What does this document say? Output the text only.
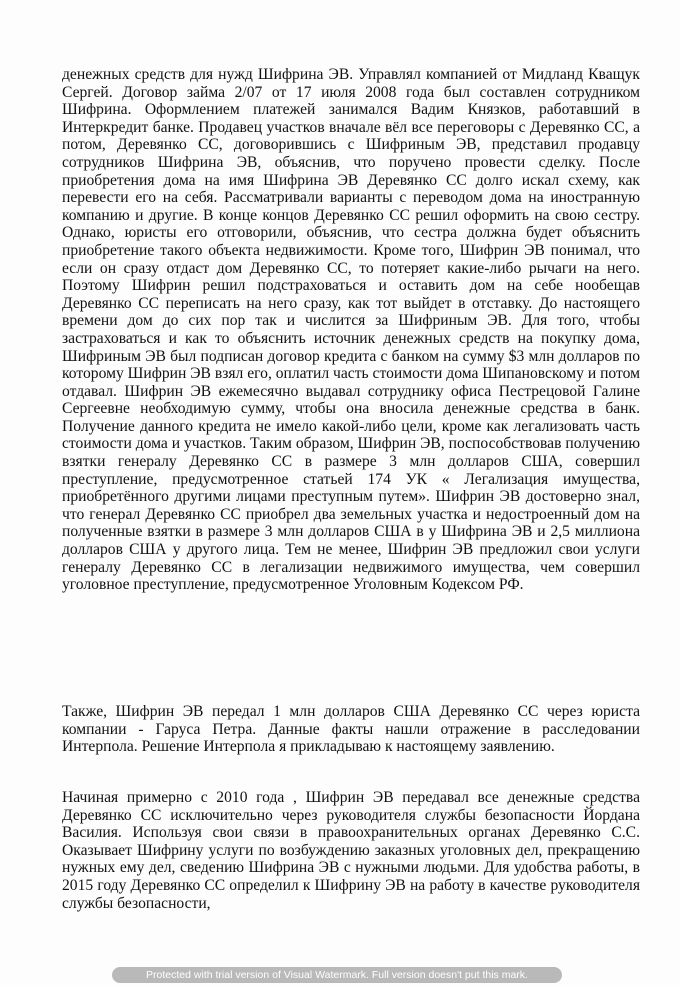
денежных средств для нужд Шифрина ЭВ. Управлял компанией от Мидланд Кващук Сергей. Договор займа 2/07 от 17 июля 2008 года был составлен сотрудником Шифрина. Оформлением платежей занимался Вадим Князков, работавший в Интеркредит банке. Продавец участков вначале вёл все переговоры с Деревянко СС, а потом, Деревянко СС, договорившись с Шифриным ЭВ, представил продавцу сотрудников Шифрина ЭВ, объяснив, что поручено провести сделку. После приобретения дома на имя Шифрина ЭВ Деревянко СС долго искал схему, как перевести его на себя. Рассматривали варианты с переводом дома на иностранную компанию и другие. В конце концов Деревянко СС решил оформить на свою сестру. Однако, юристы его отговорили, объяснив, что сестра должна будет объяснить приобретение такого объекта недвижимости. Кроме того, Шифрин ЭВ понимал, что если он сразу отдаст дом Деревянко СС, то потеряет какие-либо рычаги на него. Поэтому Шифрин решил подстраховаться и оставить дом на себе нообещав Деревянко СС переписать на него сразу, как тот выйдет в отставку. До настоящего времени дом до сих пор так и числится за Шифриным ЭВ. Для того, чтобы застраховаться и как то объяснить источник денежных средств на покупку дома, Шифриным ЭВ был подписан договор кредита с банком на сумму $3 млн долларов по которому Шифрин ЭВ взял его, оплатил часть стоимости дома Шипановскому и потом отдавал. Шифрин ЭВ ежемесячно выдавал сотруднику офиса Пестрецовой Галине Сергеевне необходимую сумму, чтобы она вносила денежные средства в банк. Получение данного кредита не имело какой-либо цели, кроме как легализовать часть стоимости дома и участков. Таким образом, Шифрин ЭВ, поспособствовав получению взятки генералу Деревянко СС в размере 3 млн долларов США, совершил преступление, предусмотренное статьей 174 УК « Легализация имущества, приобретённого другими лицами преступным путем». Шифрин ЭВ достоверно знал, что генерал Деревянко СС приобрел два земельных участка и недостроенный дом на полученные взятки в размере 3 млн долларов США в у Шифрина ЭВ и 2,5 миллиона долларов США у другого лица. Тем не менее, Шифрин ЭВ предложил свои услуги генералу Деревянко СС в легализации недвижимого имущества, чем совершил уголовное преступление, предусмотренное Уголовным Кодексом РФ.

Также, Шифрин ЭВ передал 1 млн долларов США Деревянко СС через юриста компании - Гаруса Петра. Данные факты нашли отражение в расследовании Интерпола. Решение Интерпола я прикладываю к настоящему заявлению.

Начиная примерно с 2010 года , Шифрин ЭВ передавал все денежные средства Деревянко СС исключительно через руководителя службы безопасности Йордана Василия. Используя свои связи в правоохранительных органах Деревянко С.С. Оказывает Шифрину услуги по возбуждению заказных уголовных дел, прекращению нужных ему дел, сведению Шифрина ЭВ с нужными людьми. Для удобства работы, в 2015 году Деревянко СС определил к Шифрину ЭВ на работу в качестве руководителя службы безопасности,

Protected with trial version of Visual Watermark. Full version doesn't put this mark.
